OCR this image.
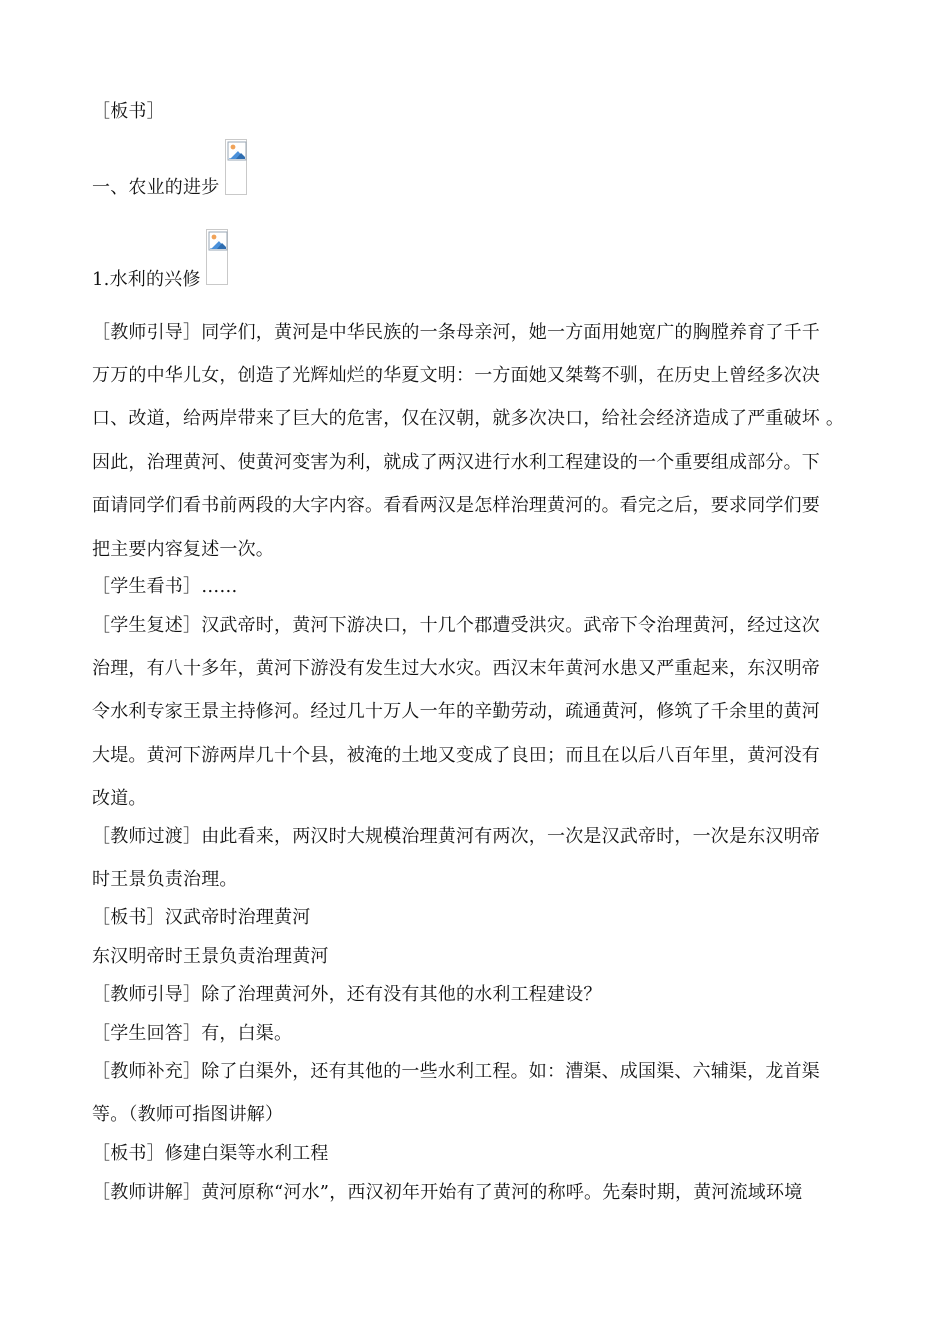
［板书］
一、农业的进步
1.水利的兴修
［教师引导］同学们，黄河是中华民族的一条母亲河，她一方面用她宽广的胸膛养育了千千
万万的中华儿女，创造了光辉灿烂的华夏文明：一方面她又桀骜不驯，在历史上曾经多次决
口、改道，给两岸带来了巨大的危害，仅在汉朝，就多次决口，给社会经济造成了严重破坏 。
因此，治理黄河、使黄河变害为利，就成了两汉进行水利工程建设的一个重要组成部分。下
面请同学们看书前两段的大字内容。看看两汉是怎样治理黄河的。看完之后，要求同学们要
把主要内容复述一次。
［学生看书］……
［学生复述］汉武帝时，黄河下游决口，十几个郡遭受洪灾。武帝下令治理黄河，经过这次
治理，有八十多年，黄河下游没有发生过大水灾。西汉末年黄河水患又严重起来，东汉明帝
令水利专家王景主持修河。经过几十万人一年的辛勤劳动，疏通黄河，修筑了千余里的黄河
大堤。黄河下游两岸几十个县，被淹的土地又变成了良田；而且在以后八百年里，黄河没有
改道。
［教师过渡］由此看来，两汉时大规模治理黄河有两次，一次是汉武帝时，一次是东汉明帝
时王景负责治理。
［板书］汉武帝时治理黄河
东汉明帝时王景负责治理黄河
［教师引导］除了治理黄河外，还有没有其他的水利工程建设？
［学生回答］有，白渠。
［教师补充］除了白渠外，还有其他的一些水利工程。如：漕渠、成国渠、六辅渠，龙首渠
等。（教师可指图讲解）
［板书］修建白渠等水利工程
［教师讲解］黄河原称“河水”，西汉初年开始有了黄河的称呼。先秦时期，黄河流域环境
